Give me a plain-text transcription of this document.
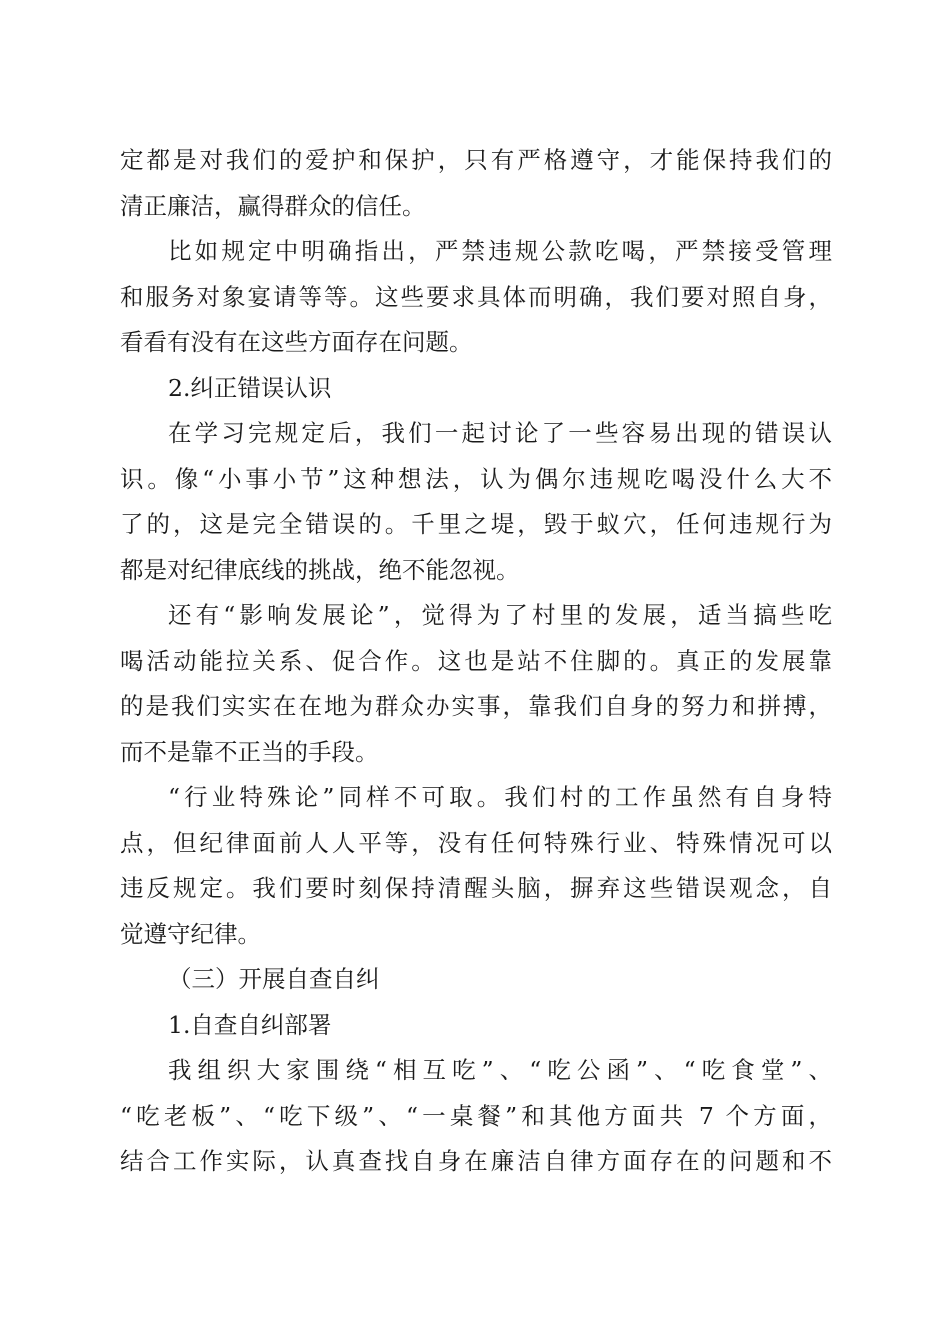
定都是对我们的爱护和保护，只有严格遵守，才能保持我们的
清正廉洁，赢得群众的信任。
比如规定中明确指出，严禁违规公款吃喝，严禁接受管理
和服务对象宴请等等。这些要求具体而明确，我们要对照自身，
看看有没有在这些方面存在问题。
2.纠正错误认识
在学习完规定后，我们一起讨论了一些容易出现的错误认
识。像“小事小节”这种想法，认为偶尔违规吃喝没什么大不
了的，这是完全错误的。千里之堤，毁于蚁穴，任何违规行为
都是对纪律底线的挑战，绝不能忽视。
还有“影响发展论”，觉得为了村里的发展，适当搞些吃
喝活动能拉关系、促合作。这也是站不住脚的。真正的发展靠
的是我们实实在在地为群众办实事，靠我们自身的努力和拼搏，
而不是靠不正当的手段。
“行业特殊论”同样不可取。我们村的工作虽然有自身特
点，但纪律面前人人平等，没有任何特殊行业、特殊情况可以
违反规定。我们要时刻保持清醒头脑，摒弃这些错误观念，自
觉遵守纪律。
（三）开展自查自纠
1.自查自纠部署
我组织大家围绕“相互吃”、“吃公函”、“吃食堂”、
“吃老板”、“吃下级”、“一桌餐”和其他方面共 7 个方面，
结合工作实际，认真查找自身在廉洁自律方面存在的问题和不
